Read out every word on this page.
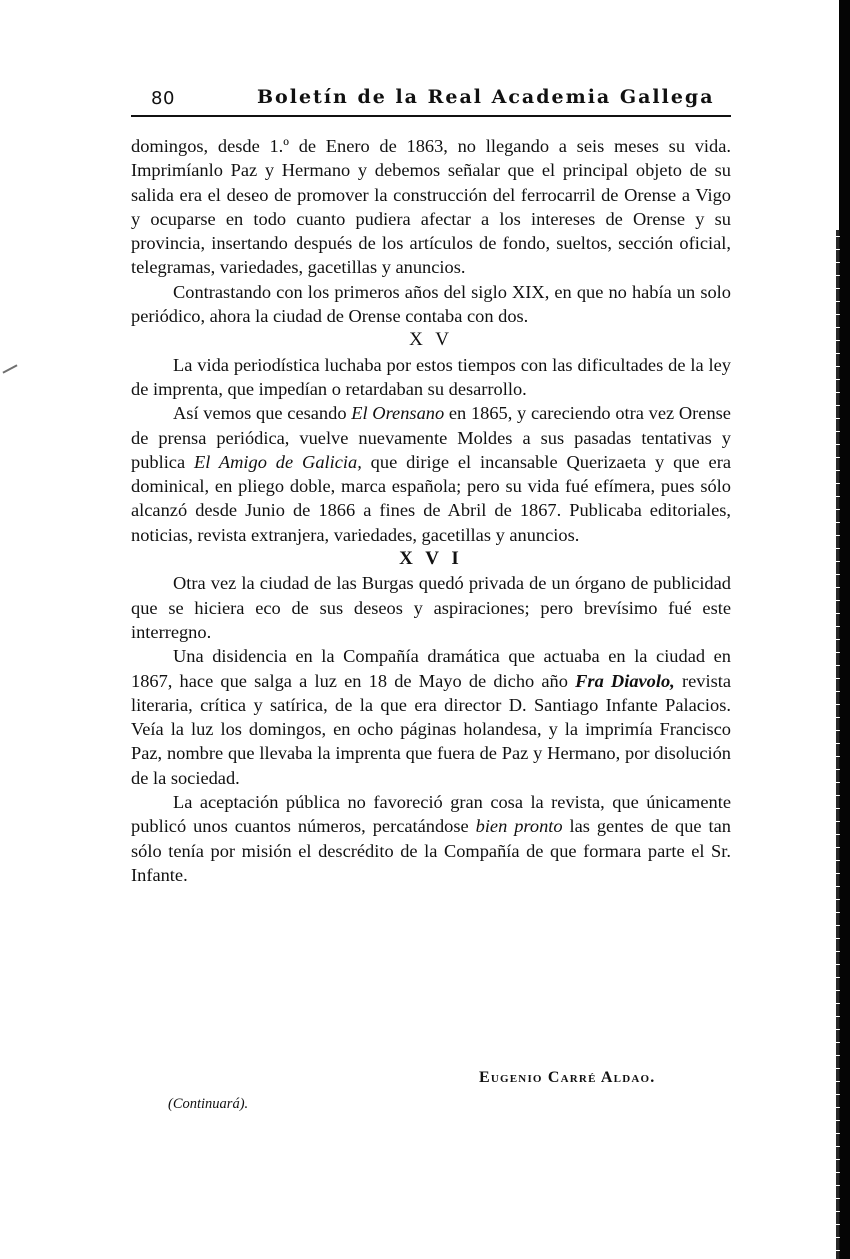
80	Boletín de la Real Academia Gallega

domingos, desde 1.º de Enero de 1863, no llegando a seis meses su vida. Imprimíanlo Paz y Hermano y debemos señalar que el principal objeto de su salida era el deseo de promover la construcción del ferrocarril de Orense a Vigo y ocuparse en todo cuanto pudiera afectar a los intereses de Orense y su provincia, insertando después de los artículos de fondo, sueltos, sección oficial, telegramas, variedades, gacetillas y anuncios.

Contrastando con los primeros años del siglo XIX, en que no había un solo periódico, ahora la ciudad de Orense contaba con dos.

X V

La vida periodística luchaba por estos tiempos con las dificultades de la ley de imprenta, que impedían o retardaban su desarrollo.

Así vemos que cesando El Orensano en 1865, y careciendo otra vez Orense de prensa periódica, vuelve nuevamente Moldes a sus pasadas tentativas y publica El Amigo de Galicia, que dirige el incansable Querizaeta y que era dominical, en pliego doble, marca española; pero su vida fué efímera, pues sólo alcanzó desde Junio de 1866 a fines de Abril de 1867. Publicaba editoriales, noticias, revista extranjera, variedades, gacetillas y anuncios.

X V I

Otra vez la ciudad de las Burgas quedó privada de un órgano de publicidad que se hiciera eco de sus deseos y aspiraciones; pero brevísimo fué este interregno.

Una disidencia en la Compañía dramática que actuaba en la ciudad en 1867, hace que salga a luz en 18 de Mayo de dicho año Fra Diavolo, revista literaria, crítica y satírica, de la que era director D. Santiago Infante Palacios. Veía la luz los domingos, en ocho páginas holandesa, y la imprimía Francisco Paz, nombre que llevaba la imprenta que fuera de Paz y Hermano, por disolución de la sociedad.

La aceptación pública no favoreció gran cosa la revista, que únicamente publicó unos cuantos números, percatándose bien pronto las gentes de que tan sólo tenía por misión el descrédito de la Compañía de que formara parte el Sr. Infante.

Eugenio Carré Aldao.
(Continuará).
